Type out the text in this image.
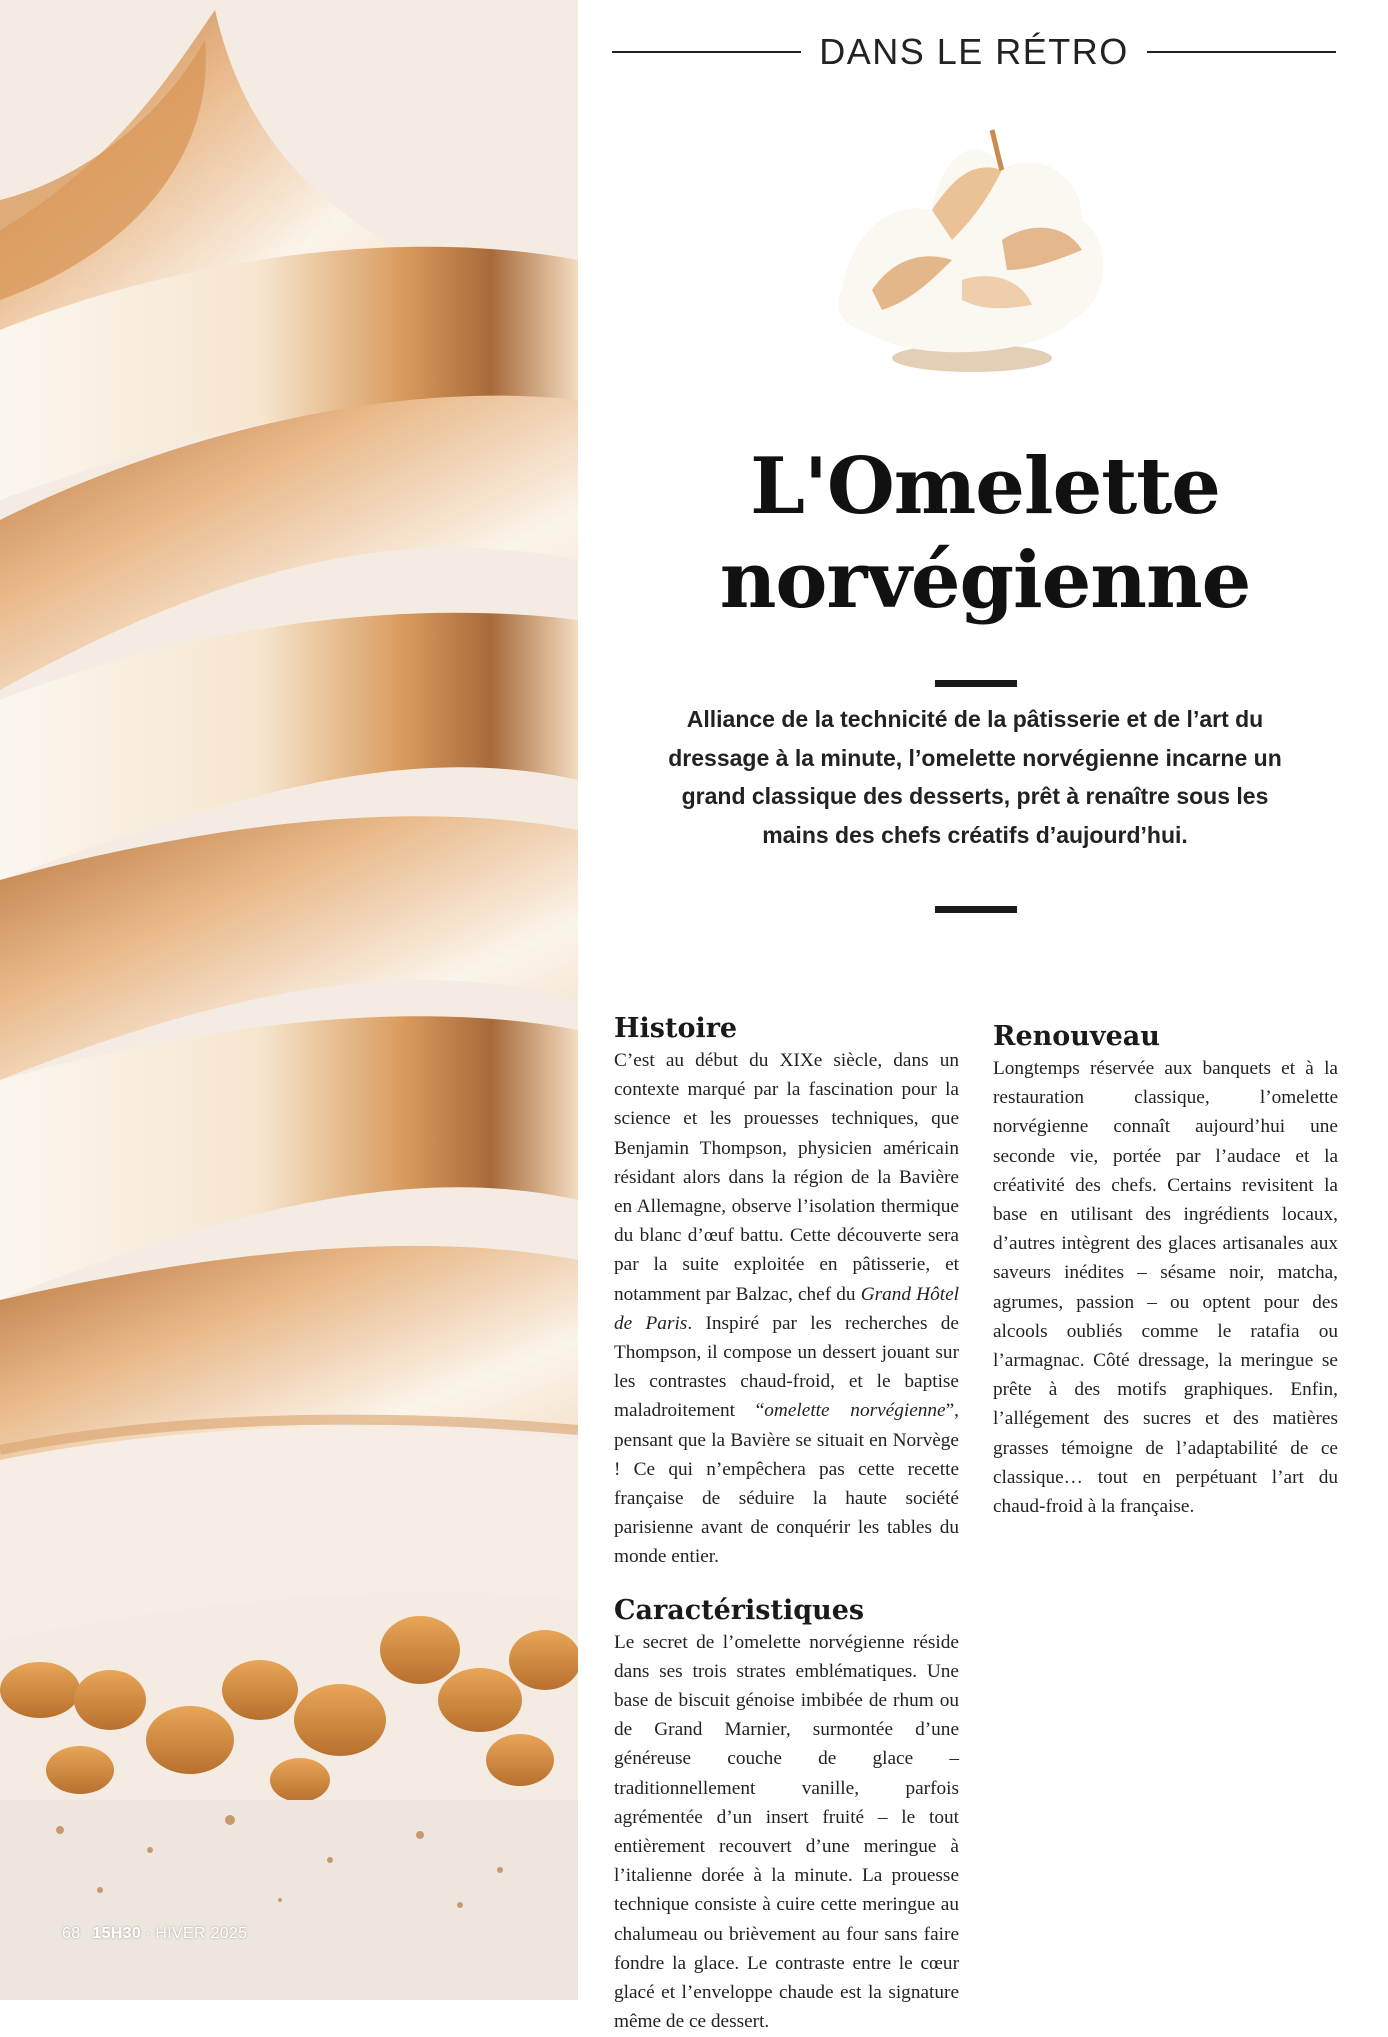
68 15H30 · HIVER 2025
DANS LE RÉTRO
L'Omelette
norvégienne
Alliance de la technicité de la pâtisserie et de l’art du dressage à la minute, l’omelette norvégienne incarne un grand classique des desserts, prêt à renaître sous les mains des chefs créatifs d’aujourd’hui.
Histoire

C’est au début du XIXe siècle, dans un contexte marqué par la fascination pour la science et les prouesses techniques, que Benjamin Thompson, physicien américain résidant alors dans la région de la Bavière en Allemagne, observe l’isolation thermique du blanc d’œuf battu. Cette découverte sera par la suite exploitée en pâtisserie, et notamment par Balzac, chef du Grand Hôtel de Paris. Inspiré par les recherches de Thompson, il compose un dessert jouant sur les contrastes chaud-froid, et le baptise maladroitement “omelette norvégienne”, pensant que la Bavière se situait en Norvège ! Ce qui n’empêchera pas cette recette française de séduire la haute société parisienne avant de conquérir les tables du monde entier.

Caractéristiques

Le secret de l’omelette norvégienne réside dans ses trois strates emblématiques. Une base de biscuit génoise imbibée de rhum ou de Grand Marnier, surmontée d’une généreuse couche de glace – traditionnellement vanille, parfois agrémentée d’un insert fruité – le tout entièrement recouvert d’une meringue à l’italienne dorée à la minute. La prouesse technique consiste à cuire cette meringue au chalumeau ou brièvement au four sans faire fondre la glace. Le contraste entre le cœur glacé et l’enveloppe chaude est la signature même de ce dessert.

Renouveau

Longtemps réservée aux banquets et à la restauration classique, l’omelette norvégienne connaît aujourd’hui une seconde vie, portée par l’audace et la créativité des chefs. Certains revisitent la base en utilisant des ingrédients locaux, d’autres intègrent des glaces artisanales aux saveurs inédites – sésame noir, matcha, agrumes, passion – ou optent pour des alcools oubliés comme le ratafia ou l’armagnac. Côté dressage, la meringue se prête à des motifs graphiques. Enfin, l’allégement des sucres et des matières grasses témoigne de l’adaptabilité de ce classique… tout en perpétuant l’art du chaud-froid à la française.
